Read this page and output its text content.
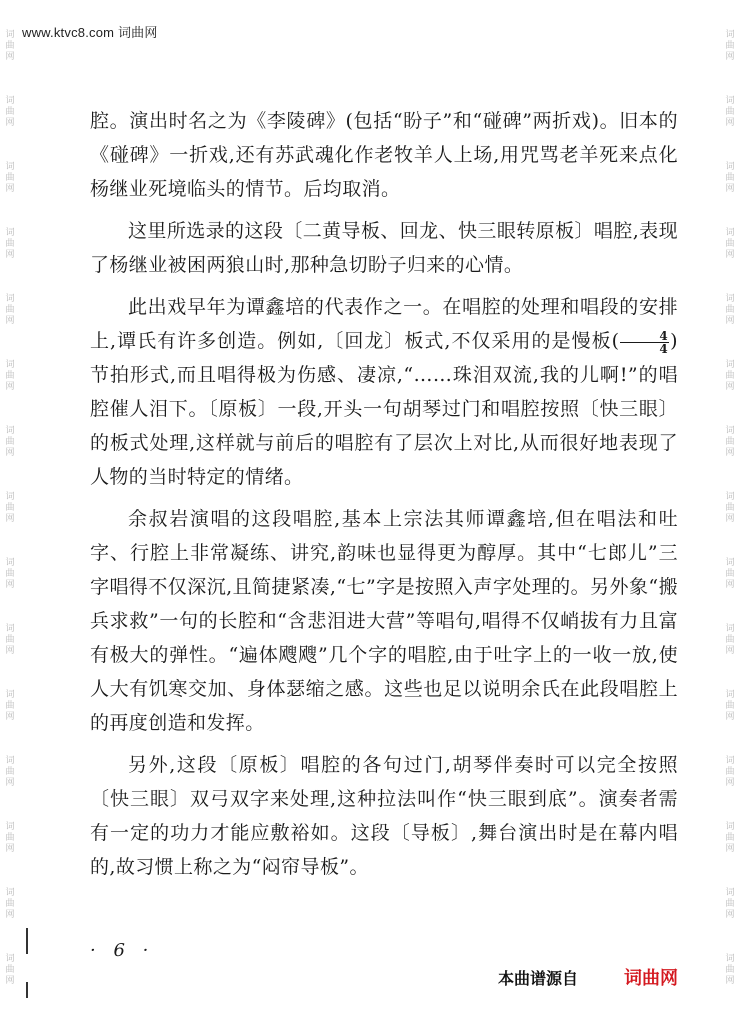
词曲网
词曲网
词曲网
词曲网
词曲网
词曲网
词曲网
词曲网
词曲网
词曲网
词曲网
词曲网
词曲网
词曲网
词曲网
词曲网
词曲网
词曲网
词曲网
词曲网
词曲网
词曲网
词曲网
词曲网
词曲网
词曲网
词曲网
词曲网
词曲网
词曲网
www.ktvc8.com 词曲网

腔。演出时名之为《李陵碑》(包括“盼子”和“碰碑”两折戏)。旧本的《碰碑》一折戏,还有苏武魂化作老牧羊人上场,用咒骂老羊死来点化杨继业死境临头的情节。后均取消。

这里所选录的这段〔二黄导板、回龙、快三眼转原板〕唱腔,表现了杨继业被困两狼山时,那种急切盼子归来的心情。

此出戏早年为谭鑫培的代表作之一。在唱腔的处理和唱段的安排上,谭氏有许多创造。例如,〔回龙〕板式,不仅采用的是慢板( $\frac{4}{4}$ )节拍形式,而且唱得极为伤感、凄凉,“……珠泪双流,我的儿啊!”的唱腔催人泪下。〔原板〕一段,开头一句胡琴过门和唱腔按照〔快三眼〕的板式处理,这样就与前后的唱腔有了层次上对比,从而很好地表现了人物的当时特定的情绪。

余叔岩演唱的这段唱腔,基本上宗法其师谭鑫培,但在唱法和吐字、行腔上非常凝练、讲究,韵味也显得更为醇厚。其中“七郎儿”三字唱得不仅深沉,且简捷紧凑,“七”字是按照入声字处理的。另外象“搬兵求救”一句的长腔和“含悲泪进大营”等唱句,唱得不仅峭拔有力且富有极大的弹性。“遍体飕飕”几个字的唱腔,由于吐字上的一收一放,使人大有饥寒交加、身体瑟缩之感。这些也足以说明余氏在此段唱腔上的再度创造和发挥。

另外,这段〔原板〕唱腔的各句过门,胡琴伴奏时可以完全按照〔快三眼〕双弓双字来处理,这种拉法叫作“快三眼到底”。演奏者需有一定的功力才能应敷裕如。这段〔导板〕,舞台演出时是在幕内唱的,故习惯上称之为“闷帘导板”。

· 6 ·
本曲谱源自	词曲网
